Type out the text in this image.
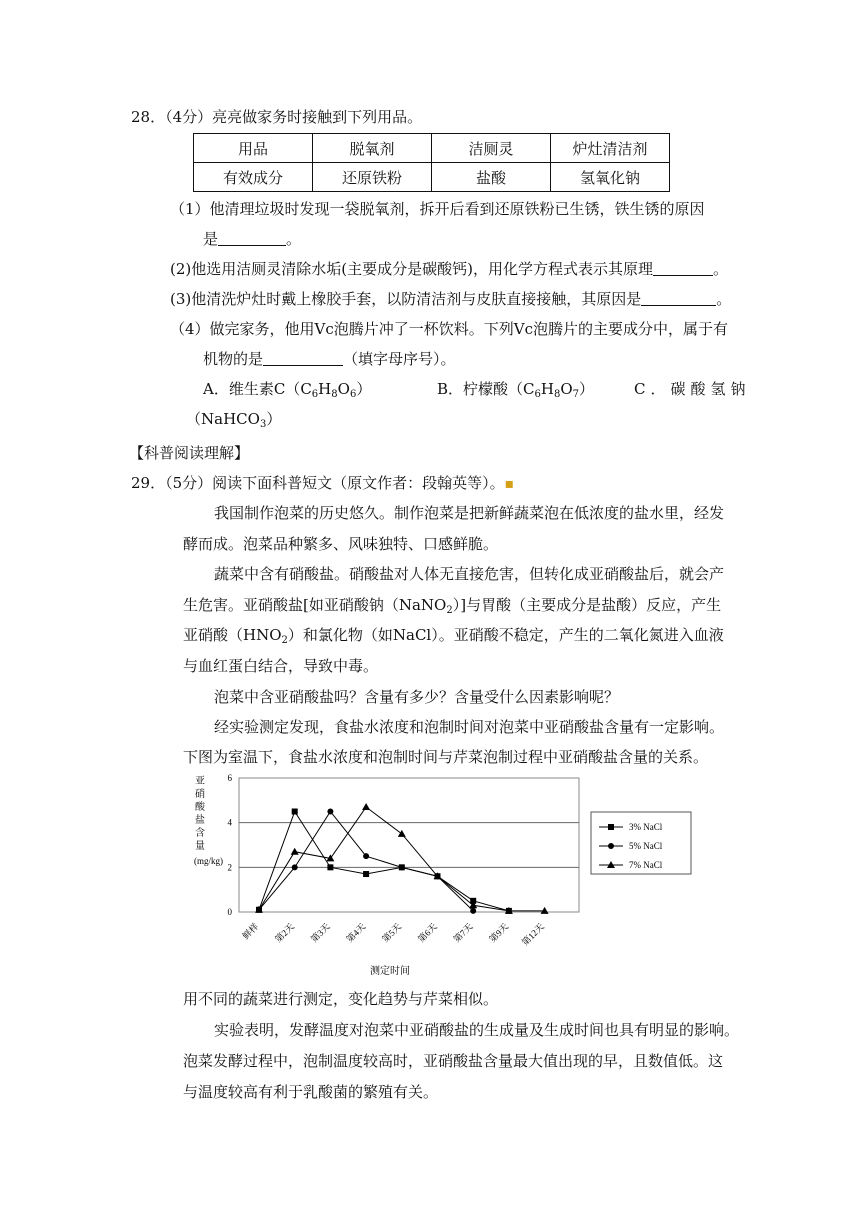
28．（4分）亮亮做家务时接触到下列用品。
用品	脱氧剂	洁厕灵	炉灶清洁剂
有效成分	还原铁粉	盐酸	氢氧化钠
（1）他清理垃圾时发现一袋脱氧剂，拆开后看到还原铁粉已生锈，铁生锈的原因
是	。
(2)他选用洁厕灵清除水垢(主要成分是碳酸钙)，用化学方程式表示其原理	。
(3)他清洗炉灶时戴上橡胶手套，以防清洁剂与皮肤直接接触，其原因是	。
（4）做完家务，他用Vc泡腾片冲了一杯饮料。下列Vc泡腾片的主要成分中，属于有
机物的是	（填字母序号）。
A．维生素$C(C_6H_8O_6)$	B．柠檬酸$(C_6H_8O_7)$	C．碳酸氢钠
（NaHCO$_3$）
【科普阅读理解】
29．（5分）阅读下面科普短文（原文作者：段翰英等）。▪
我国制作泡菜的历史悠久。制作泡菜是把新鲜蔬菜泡在低浓度的盐水里，经发
酵而成。泡菜品种繁多、风味独特、口感鲜脆。
蔬菜中含有硝酸盐。硝酸盐对人体无直接危害，但转化成亚硝酸盐后，就会产
生危害。亚硝酸盐[如亚硝酸钠（NaNO$_2$）]与胃酸（主要成分是盐酸）反应，产生
亚硝酸$(HNO_2)$和氯化物（如NaCl）。亚硝酸不稳定，产生的二氧化氮进入血液
与血红蛋白结合，导致中毒。
泡菜中含亚硝酸盐吗？含量有多少？含量受什么因素影响呢？
经实验测定发现，食盐水浓度和泡制时间对泡菜中亚硝酸盐含量有一定影响。
下图为室温下，食盐水浓度和泡制时间与芹菜泡制过程中亚硝酸盐含量的关系。
亚
硝
酸
盐
含
量
(mg/kg)
0
2
4
6
鲜样 第2天 第3天 第4天 第5天 第6天 第7天 第9天 第12天
测定时间
3% NaCl
5% NaCl
7% NaCl
用不同的蔬菜进行测定，变化趋势与芹菜相似。
实验表明，发酵温度对泡菜中亚硝酸盐的生成量及生成时间也具有明显的影响。
泡菜发酵过程中，泡制温度较高时，亚硝酸盐含量最大值出现的早，且数值低。这
与温度较高有利于乳酸菌的繁殖有关。
